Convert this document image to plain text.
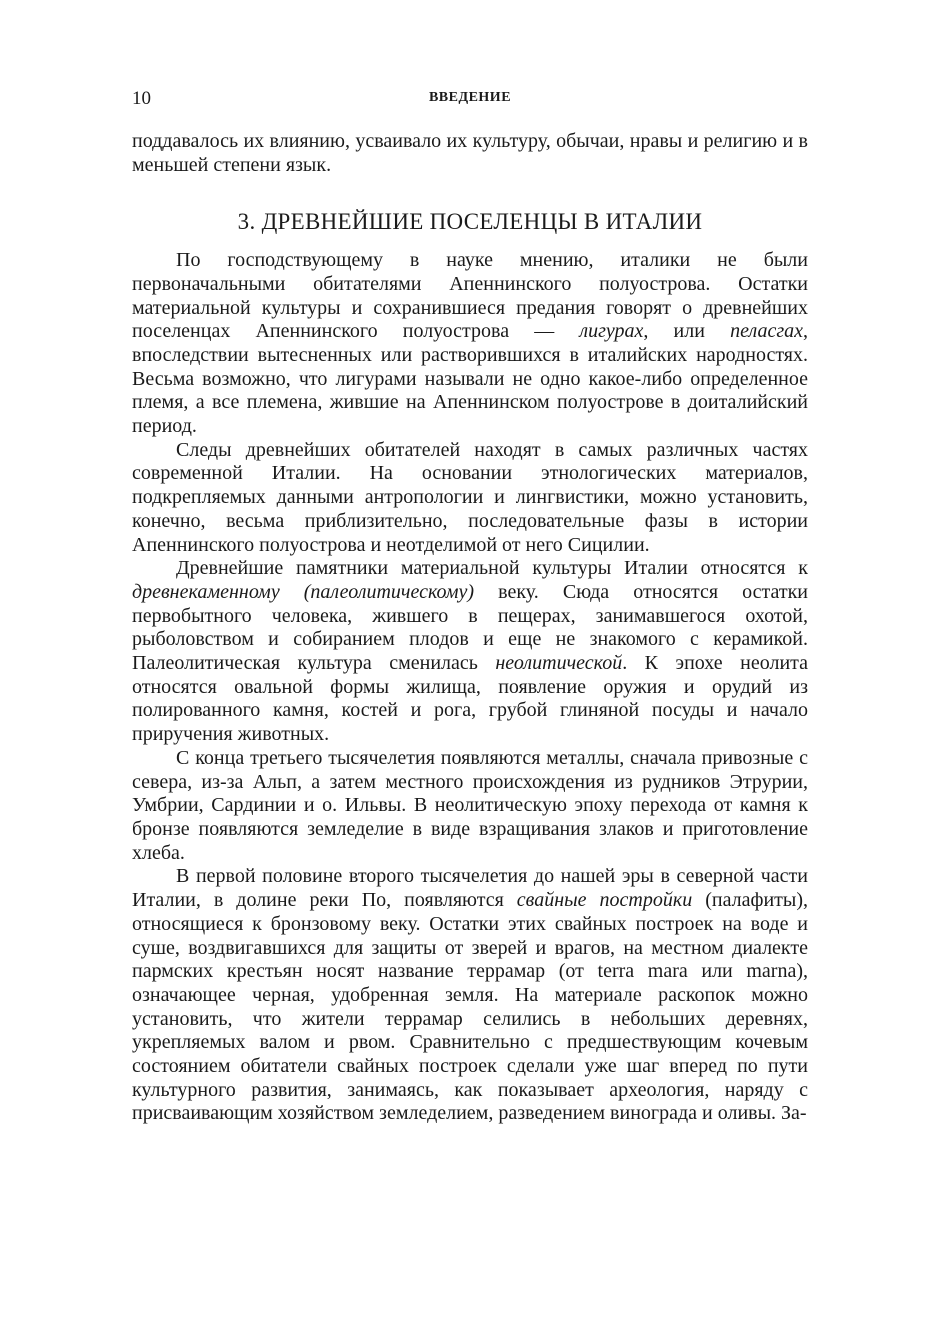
10	ВВЕДЕНИЕ

поддавалось их влиянию, усваивало их культуру, обычаи, нравы и религию и в меньшей степени язык.

3. ДРЕВНЕЙШИЕ ПОСЕЛЕНЦЫ В ИТАЛИИ

По господствующему в науке мнению, италики не были первоначальными обитателями Апеннинского полуострова. Остатки материальной культуры и сохранившиеся предания говорят о древнейших поселенцах Апеннинского полуострова — лигурах, или пеласгах, впоследствии вытесненных или растворившихся в италийских народностях. Весьма возможно, что лигурами называли не одно какое-либо определенное племя, а все племена, жившие на Апеннинском полуострове в доиталийский период.

Следы древнейших обитателей находят в самых различных частях современной Италии. На основании этнологических материалов, подкрепляемых данными антропологии и лингвистики, можно установить, конечно, весьма приблизительно, последовательные фазы в истории Апеннинского полуострова и неотделимой от него Сицилии.

Древнейшие памятники материальной культуры Италии относятся к древнекаменному (палеолитическому) веку. Сюда относятся остатки первобытного человека, жившего в пещерах, занимавшегося охотой, рыболовством и собиранием плодов и еще не знакомого с керамикой. Палеолитическая культура сменилась неолитической. К эпохе неолита относятся овальной формы жилища, появление оружия и орудий из полированного камня, костей и рога, грубой глиняной посуды и начало приручения животных.

С конца третьего тысячелетия появляются металлы, сначала привозные с севера, из-за Альп, а затем местного происхождения из рудников Этрурии, Умбрии, Сардинии и о. Ильвы. В неолитическую эпоху перехода от камня к бронзе появляются земледелие в виде взращивания злаков и приготовление хлеба.

В первой половине второго тысячелетия до нашей эры в северной части Италии, в долине реки По, появляются свайные постройки (палафиты), относящиеся к бронзовому веку. Остатки этих свайных построек на воде и суше, воздвигавшихся для защиты от зверей и врагов, на местном диалекте пармских крестьян носят название террамар (от terra mara или marna), означающее черная, удобренная земля. На материале раскопок можно установить, что жители террамар селились в небольших деревнях, укрепляемых валом и рвом. Сравнительно с предшествующим кочевым состоянием обитатели свайных построек сделали уже шаг вперед по пути культурного развития, занимаясь, как показывает археология, наряду с присваивающим хозяйством земледелием, разведением винограда и оливы. За-
